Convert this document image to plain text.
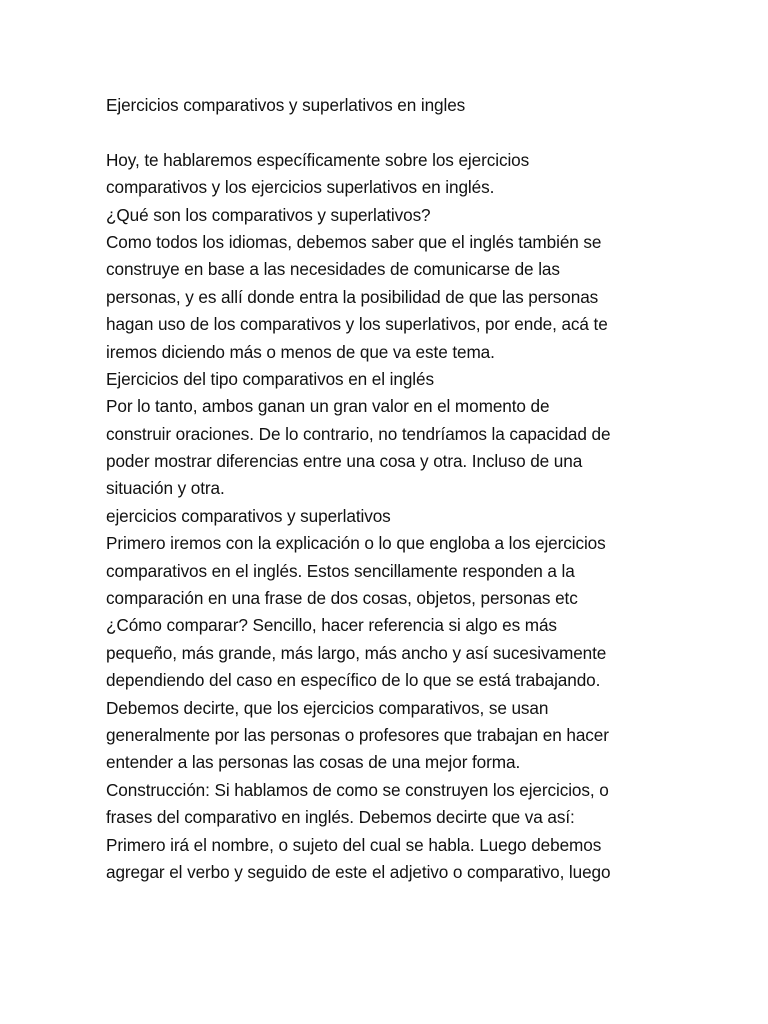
Ejercicios comparativos y superlativos en ingles
Hoy, te hablaremos específicamente sobre los ejercicios
comparativos y los ejercicios superlativos en inglés.
¿Qué son los comparativos y superlativos?
Como todos los idiomas, debemos saber que el inglés también se
construye en base a las necesidades de comunicarse de las
personas, y es allí donde entra la posibilidad de que las personas
hagan uso de los comparativos y los superlativos, por ende, acá te
iremos diciendo más o menos de que va este tema.
Ejercicios del tipo comparativos en el inglés
Por lo tanto, ambos ganan un gran valor en el momento de
construir oraciones. De lo contrario, no tendríamos la capacidad de
poder mostrar diferencias entre una cosa y otra. Incluso de una
situación y otra.
ejercicios comparativos y superlativos
Primero iremos con la explicación o lo que engloba a los ejercicios
comparativos en el inglés. Estos sencillamente responden a la
comparación en una frase de dos cosas, objetos, personas etc
¿Cómo comparar? Sencillo, hacer referencia si algo es más
pequeño, más grande, más largo, más ancho y así sucesivamente
dependiendo del caso en específico de lo que se está trabajando.
Debemos decirte, que los ejercicios comparativos, se usan
generalmente por las personas o profesores que trabajan en hacer
entender a las personas las cosas de una mejor forma.
Construcción: Si hablamos de como se construyen los ejercicios, o
frases del comparativo en inglés. Debemos decirte que va así:
Primero irá el nombre, o sujeto del cual se habla. Luego debemos
agregar el verbo y seguido de este el adjetivo o comparativo, luego
